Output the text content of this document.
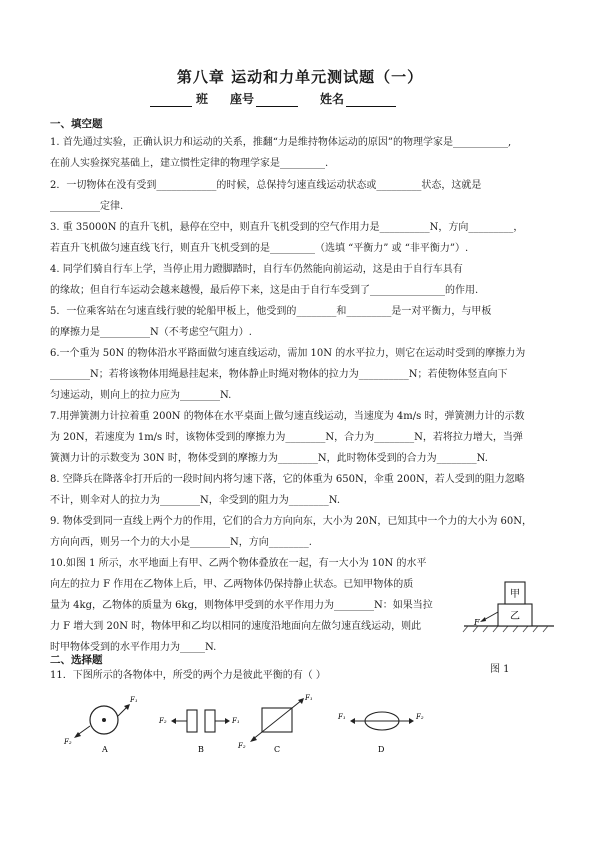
第八章 运动和力单元测试题（一）
班 座号	姓名
一、填空题
1. 首先通过实验，正确认识力和运动的关系，推翻“力是维持物体运动的原因”的物理学家是___________,
在前人实验探究基础上，建立惯性定律的物理学家是_________.
2．一切物体在没有受到____________的时候，总保持匀速直线运动状态或_________状态，这就是
__________定律.
3. 重 35000N 的直升飞机，悬停在空中，则直升飞机受到的空气作用力是__________N，方向_________，
若直升飞机做匀速直线飞行，则直升飞机受到的是_________（选填 “平衡力” 或 “非平衡力”）.
4. 同学们骑自行车上学，当停止用力蹬脚踏时，自行车仍然能向前运动，这是由于自行车具有
的缘故；但自行车运动会越来越慢，最后停下来，这是由于自行车受到了_______________的作用.
5．一位乘客站在匀速直线行驶的轮船甲板上，他受到的________和_________是一对平衡力，与甲板
的摩擦力是__________N（不考虑空气阻力）.
6.一个重为 50N 的物体沿水平路面做匀速直线运动，需加 10N 的水平拉力，则它在运动时受到的摩擦力为
________N；若将该物体用绳悬挂起来，物体静止时绳对物体的拉力为__________N；若使物体竖直向下
匀速运动，则向上的拉力应为________N.
7.用弹簧测力计拉着重 200N 的物体在水平桌面上做匀速直线运动，当速度为 4m/s 时，弹簧测力计的示数
为 20N，若速度为 1m/s 时，该物体受到的摩擦力为________N，合力为________N，若将拉力增大，当弹
簧测力计的示数变为 30N 时，物体受到的摩擦力为________N，此时物体受到的合力为________N.
8. 空降兵在降落伞打开后的一段时间内将匀速下落，它的体重为 650N，伞重 200N，若人受到的阻力忽略
不计，则伞对人的拉力为________N，伞受到的阻力为________N.
9. 物体受到同一直线上两个力的作用，它们的合力方向向东，大小为 20N，已知其中一个力的大小为 60N，
方向向西，则另一个力的大小是________N，方向________.
10.如图 1 所示，水平地面上有甲、乙两个物体叠放在一起，有一大小为 10N 的水平
向左的拉力 F 作用在乙物体上后，甲、乙两物体仍保持静止状态。已知甲物体的质
量为 4kg，乙物体的质量为 6kg，则物体甲受到的水平作用力为________N：如果当拉
力 F 增大到 20N 时，物体甲和乙均以相同的速度沿地面向左做匀速直线运动，则此
时甲物体受到的水平作用力为_____N.
甲
乙
F
图 1
二、选择题
11．下图所示的各物体中，所受的两个力是彼此平衡的有（ ）
F₁
F₂
A
F₂	F₁
B
F₁
F₂	C
F₁	F₂
D
